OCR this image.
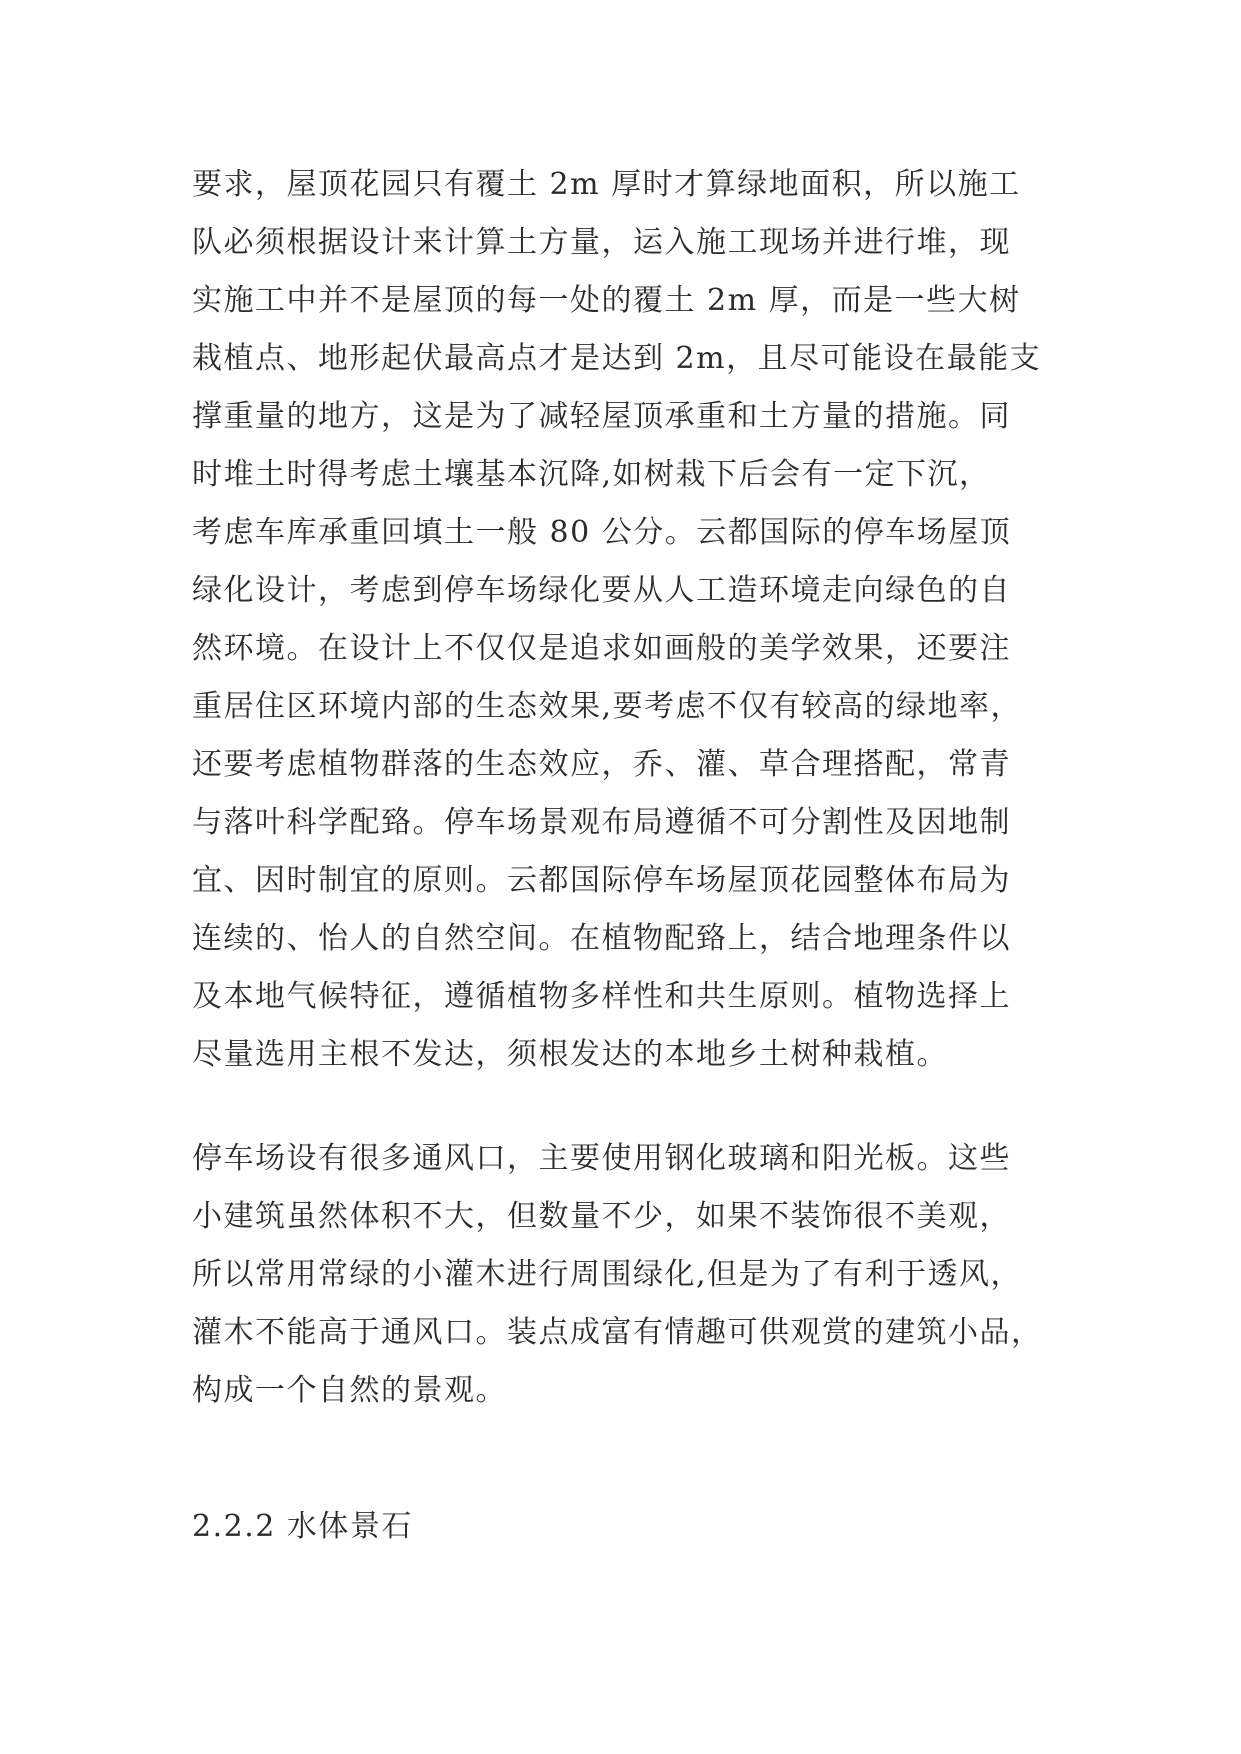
要求，屋顶花园只有覆土 2m 厚时才算绿地面积，所以施工
队必须根据设计来计算土方量，运入施工现场并进行堆，现
实施工中并不是屋顶的每一处的覆土 2m 厚，而是一些大树
栽植点、地形起伏最高点才是达到 2m，且尽可能设在最能支
撑重量的地方，这是为了减轻屋顶承重和土方量的措施。同
时堆土时得考虑土壤基本沉降,如树栽下后会有一定下沉，
考虑车库承重回填土一般 80 公分。云都国际的停车场屋顶
绿化设计，考虑到停车场绿化要从人工造环境走向绿色的自
然环境。在设计上不仅仅是追求如画般的美学效果，还要注
重居住区环境内部的生态效果,要考虑不仅有较高的绿地率，
还要考虑植物群落的生态效应，乔、灌、草合理搭配，常青
与落叶科学配臵。停车场景观布局遵循不可分割性及因地制
宜、因时制宜的原则。云都国际停车场屋顶花园整体布局为
连续的、怡人的自然空间。在植物配臵上，结合地理条件以
及本地气候特征，遵循植物多样性和共生原则。植物选择上
尽量选用主根不发达，须根发达的本地乡土树种栽植。
停车场设有很多通风口，主要使用钢化玻璃和阳光板。这些
小建筑虽然体积不大，但数量不少，如果不装饰很不美观，
所以常用常绿的小灌木进行周围绿化,但是为了有利于透风，
灌木不能高于通风口。装点成富有情趣可供观赏的建筑小品，
构成一个自然的景观。
2.2.2 水体景石
